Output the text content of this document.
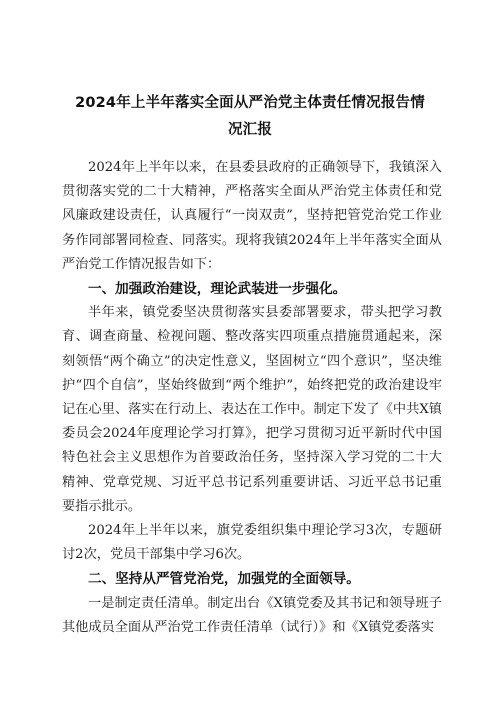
2024年上半年落实全面从严治党主体责任情况报告情
况汇报

2024年上半年以来，在县委县政府的正确领导下，我镇深入贯彻落实党的二十大精神，严格落实全面从严治党主体责任和党风廉政建设责任，认真履行“一岗双责”，坚持把管党治党工作业务作同部署同检查、同落实。现将我镇2024年上半年落实全面从严治党工作情况报告如下：

一、加强政治建设，理论武装进一步强化。

半年来，镇党委坚决贯彻落实县委部署要求，带头把学习教育、调查商量、检视问题、整改落实四项重点措施贯通起来，深刻领悟“两个确立”的决定性意义，坚固树立“四个意识”，坚决维护“四个自信”，坚始终做到“两个维护”，始终把党的政治建设牢记在心里、落实在行动上、表达在工作中。制定下发了《中共X镇委员会2024年度理论学习打算》，把学习贯彻习近平新时代中国特色社会主义思想作为首要政治任务，坚持深入学习党的二十大精神、党章党规、习近平总书记系列重要讲话、习近平总书记重要指示批示。

2024年上半年以来，旗党委组织集中理论学习3次，专题研讨2次，党员干部集中学习6次。

二、坚持从严管党治党，加强党的全面领导。

一是制定责任清单。制定出台《X镇党委及其书记和领导班子其他成员全面从严治党工作责任清单（试行）》和《X镇党委落实
